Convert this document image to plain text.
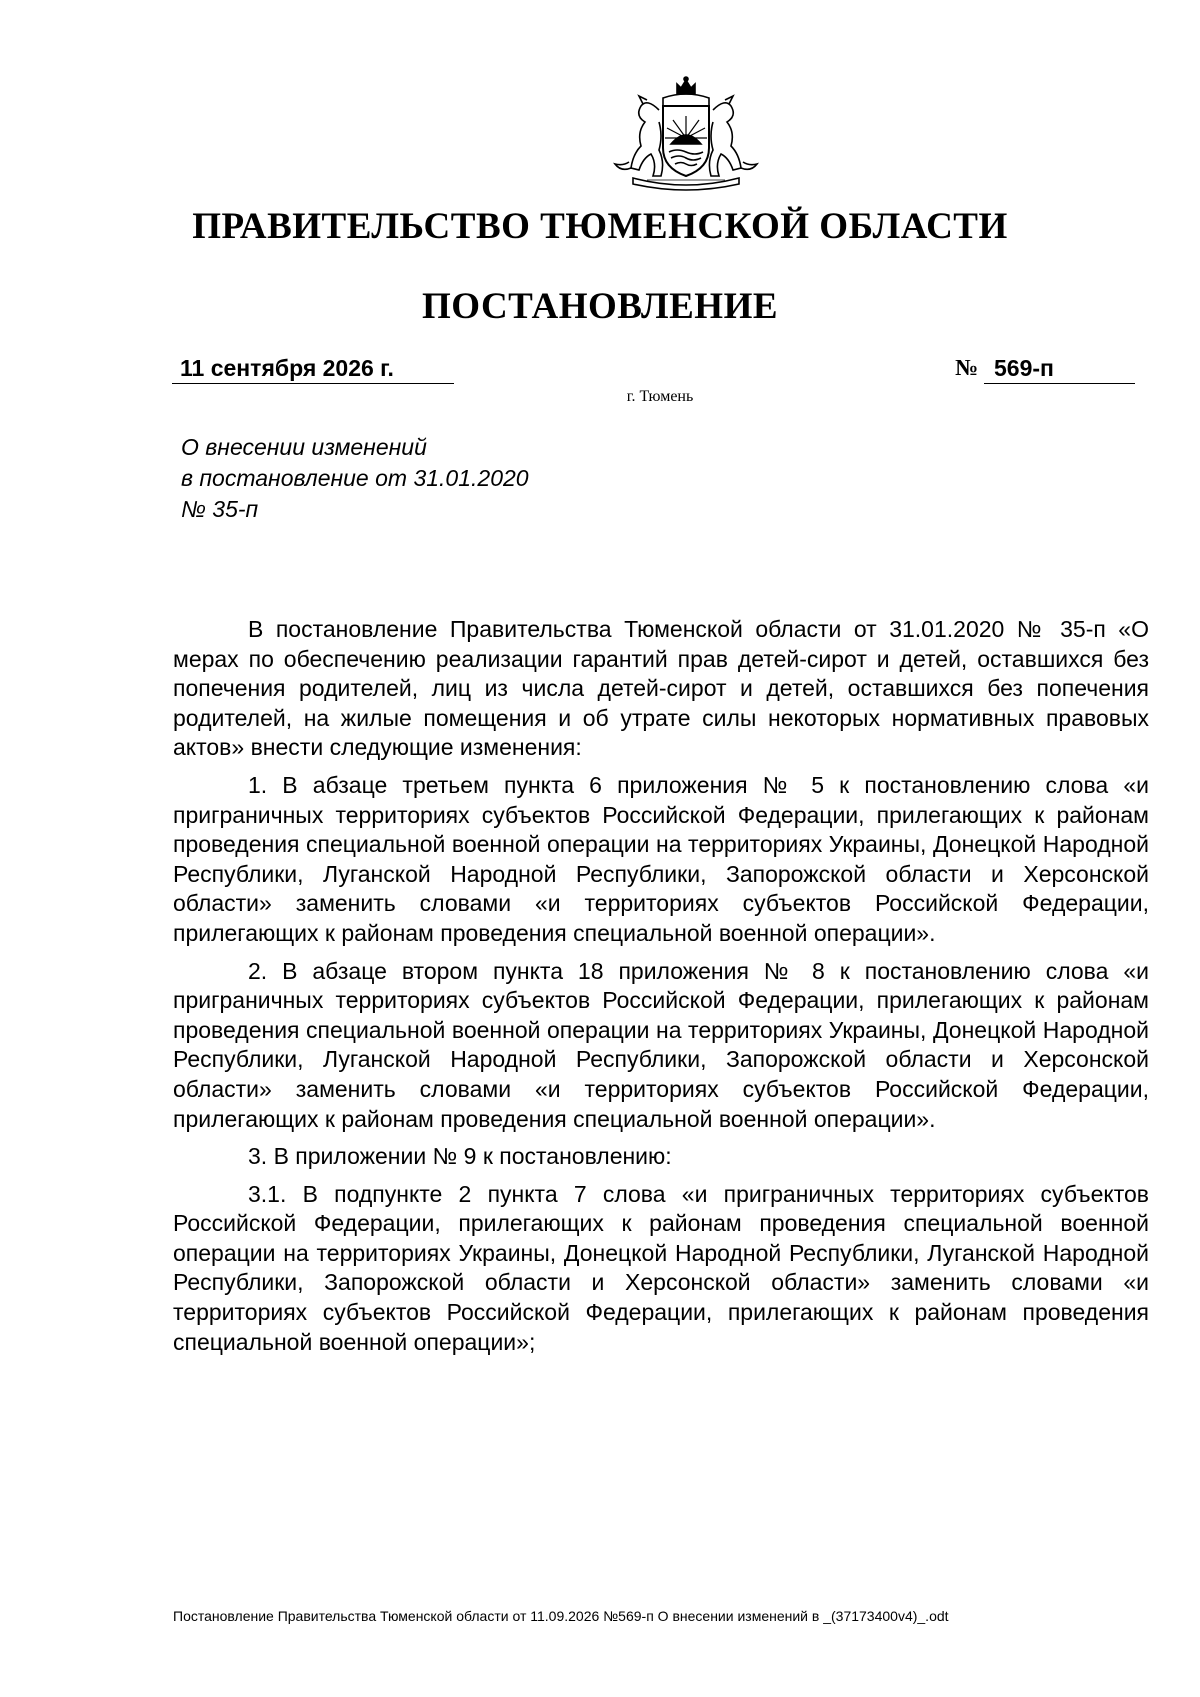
ПРАВИТЕЛЬСТВО ТЮМЕНСКОЙ ОБЛАСТИ
ПОСТАНОВЛЕНИЕ
11 сентября 2026 г.	№ 569-п
г. Тюмень
О внесении изменений
в постановление от 31.01.2020
№ 35-п

В постановление Правительства Тюменской области от 31.01.2020 № 35-п «О мерах по обеспечению реализации гарантий прав детей-сирот и детей, оставшихся без попечения родителей, лиц из числа детей-сирот и детей, оставшихся без попечения родителей, на жилые помещения и об утрате силы некоторых нормативных правовых актов» внести следующие изменения:

1. В абзаце третьем пункта 6 приложения № 5 к постановлению слова «и приграничных территориях субъектов Российской Федерации, прилегающих к районам проведения специальной военной операции на территориях Украины, Донецкой Народной Республики, Луганской Народной Республики, Запорожской области и Херсонской области» заменить словами «и территориях субъектов Российской Федерации, прилегающих к районам проведения специальной военной операции».

2. В абзаце втором пункта 18 приложения № 8 к постановлению слова «и приграничных территориях субъектов Российской Федерации, прилегающих к районам проведения специальной военной операции на территориях Украины, Донецкой Народной Республики, Луганской Народной Республики, Запорожской области и Херсонской области» заменить словами «и территориях субъектов Российской Федерации, прилегающих к районам проведения специальной военной операции».

3. В приложении № 9 к постановлению:

3.1. В подпункте 2 пункта 7 слова «и приграничных территориях субъектов Российской Федерации, прилегающих к районам проведения специальной военной операции на территориях Украины, Донецкой Народной Республики, Луганской Народной Республики, Запорожской области и Херсонской области» заменить словами «и территориях субъектов Российской Федерации, прилегающих к районам проведения специальной военной операции»;

Постановление Правительства Тюменской области от 11.09.2026 №569-п О внесении изменений в _(37173400v4)_.odt
